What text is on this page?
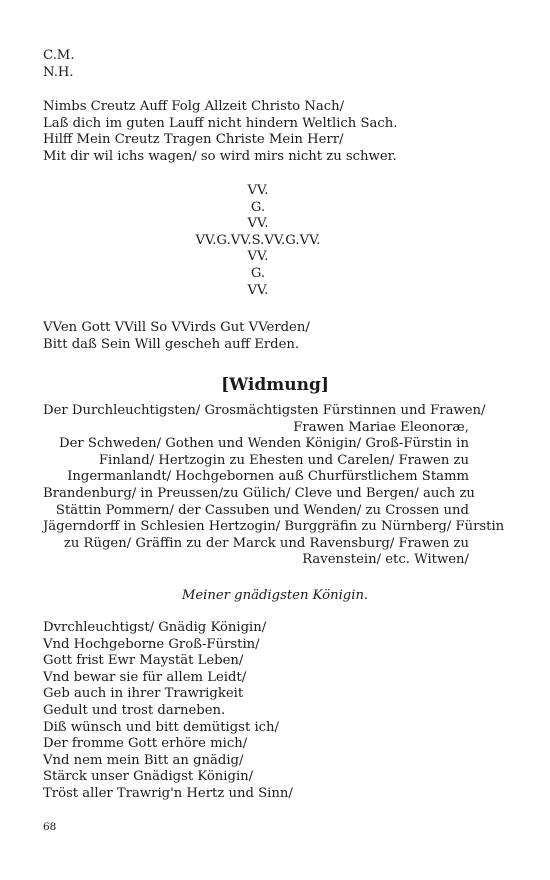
C.M.
N.H.
Nimbs Creutz Auff Folg Allzeit Christo Nach/
Laß dich im guten Lauff nicht hindern Weltlich Sach.
Hilff Mein Creutz Tragen Christe Mein Herr/
Mit dir wil ichs wagen/ so wird mirs nicht zu schwer.
VV.
G.
VV.
VV.G.VV.S.VV.G.VV.
VV.
G.
VV.
VVen Gott VVill So VVirds Gut VVerden/
Bitt daß Sein Will gescheh auff Erden.
[Widmung]
Der Durchleuchtigsten/ Grosmächtigsten Fürstinnen und Frawen/
Frawen Mariae Eleonoræ,
Der Schweden/ Gothen und Wenden Königin/ Groß-Fürstin in
Finland/ Hertzogin zu Ehesten und Carelen/ Frawen zu
Ingermanlandt/ Hochgebornen auß Churfürstlichem Stamm
Brandenburg/ in Preussen/zu Gülich/ Cleve und Bergen/ auch zu
Stättin Pommern/ der Cassuben und Wenden/ zu Crossen und
Jägerndorff in Schlesien Hertzogin/ Burggräfin zu Nürnberg/ Fürstin
zu Rügen/ Gräffin zu der Marck und Ravensburg/ Frawen zu
Ravenstein/ etc. Witwen/
Meiner gnädigsten Königin.
Dvrchleuchtigst/ Gnädig Königin/
Vnd Hochgeborne Groß-Fürstin/
Gott frist Ewr Maystät Leben/
Vnd bewar sie für allem Leidt/
Geb auch in ihrer Trawrigkeit
Gedult und trost darneben.
Diß wünsch und bitt demütigst ich/
Der fromme Gott erhöre mich/
Vnd nem mein Bitt an gnädig/
Stärck unser Gnädigst Königin/
Tröst aller Trawrig'n Hertz und Sinn/
68
